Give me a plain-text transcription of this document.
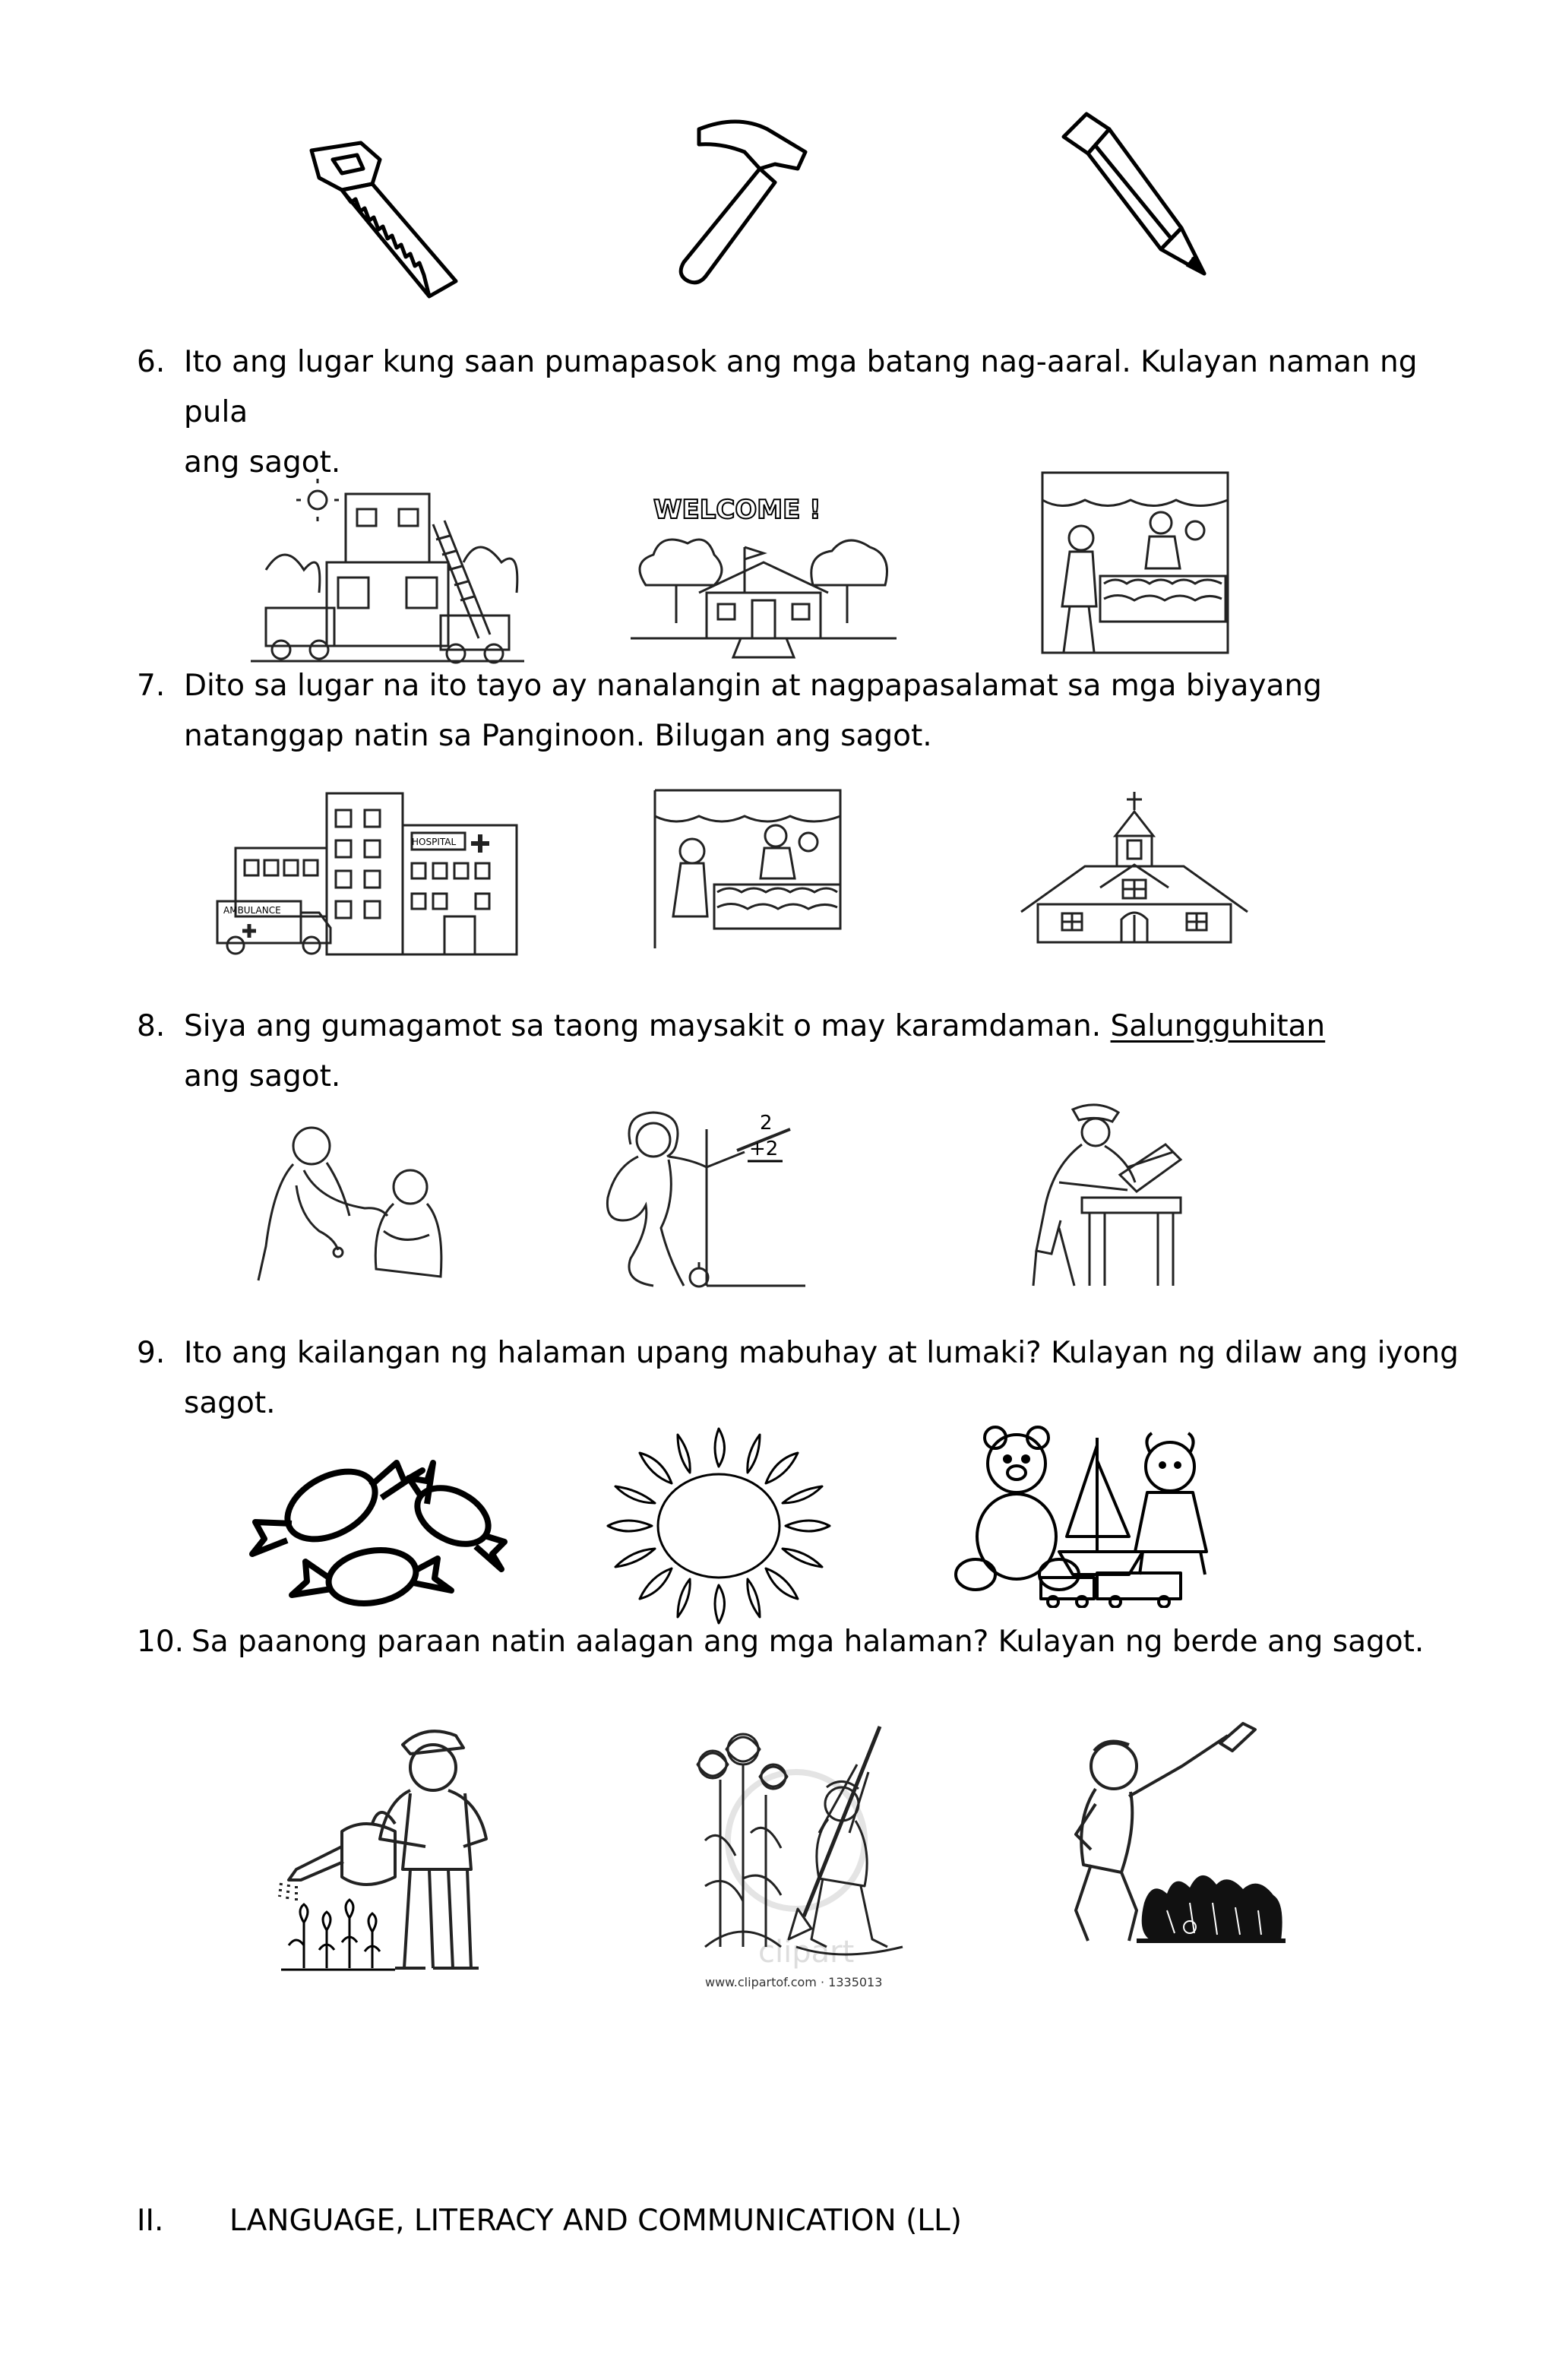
6. Ito ang lugar kung saan pumapasok ang mga batang nag-aaral. Kulayan naman ng pula
ang sagot.
WELCOME !
7. Dito sa lugar na ito tayo ay nanalangin at nagpapasalamat sa mga biyayang
natanggap natin sa Panginoon. Bilugan ang sagot.
HOSPITAL
AMBULANCE
8. Siya ang gumagamot sa taong maysakit o may karamdaman. Salungguhitan
ang sagot.
2
+2
9. Ito ang kailangan ng halaman upang mabuhay at lumaki? Kulayan ng dilaw ang iyong
sagot.
10. Sa paanong paraan natin aalagan ang mga halaman? Kulayan ng berde ang sagot.
clipart
www.clipartof.com · 1335013
II. LANGUAGE, LITERACY AND COMMUNICATION (LL)
